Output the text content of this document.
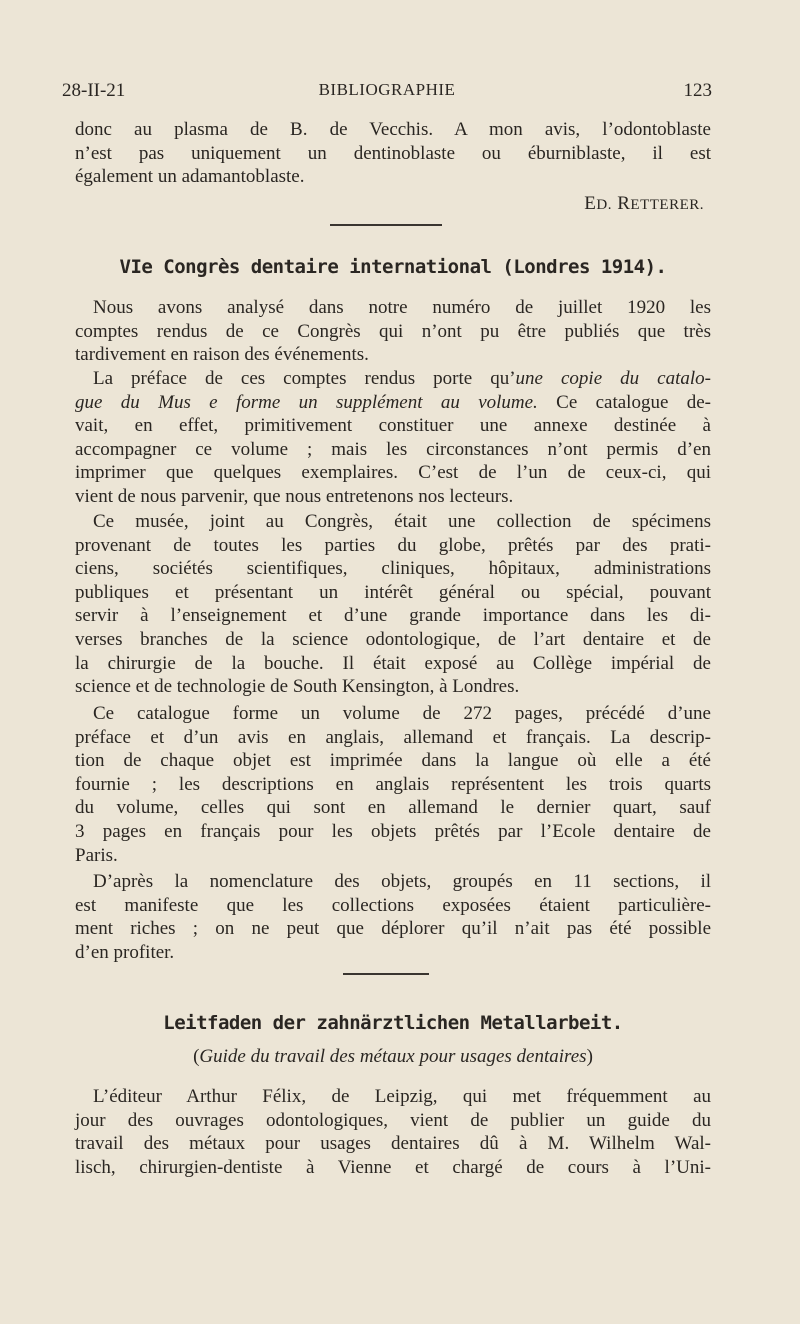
28-II-21	BIBLIOGRAPHIE	123
donc au plasma de B. de Vecchis. A mon avis, l’odontoblaste
n’est pas uniquement un dentinoblaste ou éburniblaste, il est
également un adamantoblaste.
ED. RETTERER.
VIe Congrès dentaire international (Londres 1914).
Nous avons analysé dans notre numéro de juillet 1920 les
comptes rendus de ce Congrès qui n’ont pu être publiés que très
tardivement en raison des événements.
La préface de ces comptes rendus porte qu’une copie du catalo-
gue du Mus e forme un supplément au volume. Ce catalogue de-
vait, en effet, primitivement constituer une annexe destinée à
accompagner ce volume ; mais les circonstances n’ont permis d’en
imprimer que quelques exemplaires. C’est de l’un de ceux-ci, qui
vient de nous parvenir, que nous entretenons nos lecteurs.
Ce musée, joint au Congrès, était une collection de spécimens
provenant de toutes les parties du globe, prêtés par des prati-
ciens, sociétés scientifiques, cliniques, hôpitaux, administrations
publiques et présentant un intérêt général ou spécial, pouvant
servir à l’enseignement et d’une grande importance dans les di-
verses branches de la science odontologique, de l’art dentaire et de
la chirurgie de la bouche. Il était exposé au Collège impérial de
science et de technologie de South Kensington, à Londres.
Ce catalogue forme un volume de 272 pages, précédé d’une
préface et d’un avis en anglais, allemand et français. La descrip-
tion de chaque objet est imprimée dans la langue où elle a été
fournie ; les descriptions en anglais représentent les trois quarts
du volume, celles qui sont en allemand le dernier quart, sauf
3 pages en français pour les objets prêtés par l’Ecole dentaire de
Paris.
D’après la nomenclature des objets, groupés en 11 sections, il
est manifeste que les collections exposées étaient particulière-
ment riches ; on ne peut que déplorer qu’il n’ait pas été possible
d’en profiter.
Leitfaden der zahnärztlichen Metallarbeit.
(Guide du travail des métaux pour usages dentaires)
L’éditeur Arthur Félix, de Leipzig, qui met fréquemment au
jour des ouvrages odontologiques, vient de publier un guide du
travail des métaux pour usages dentaires dû à M. Wilhelm Wal-
lisch, chirurgien-dentiste à Vienne et chargé de cours à l’Uni-
